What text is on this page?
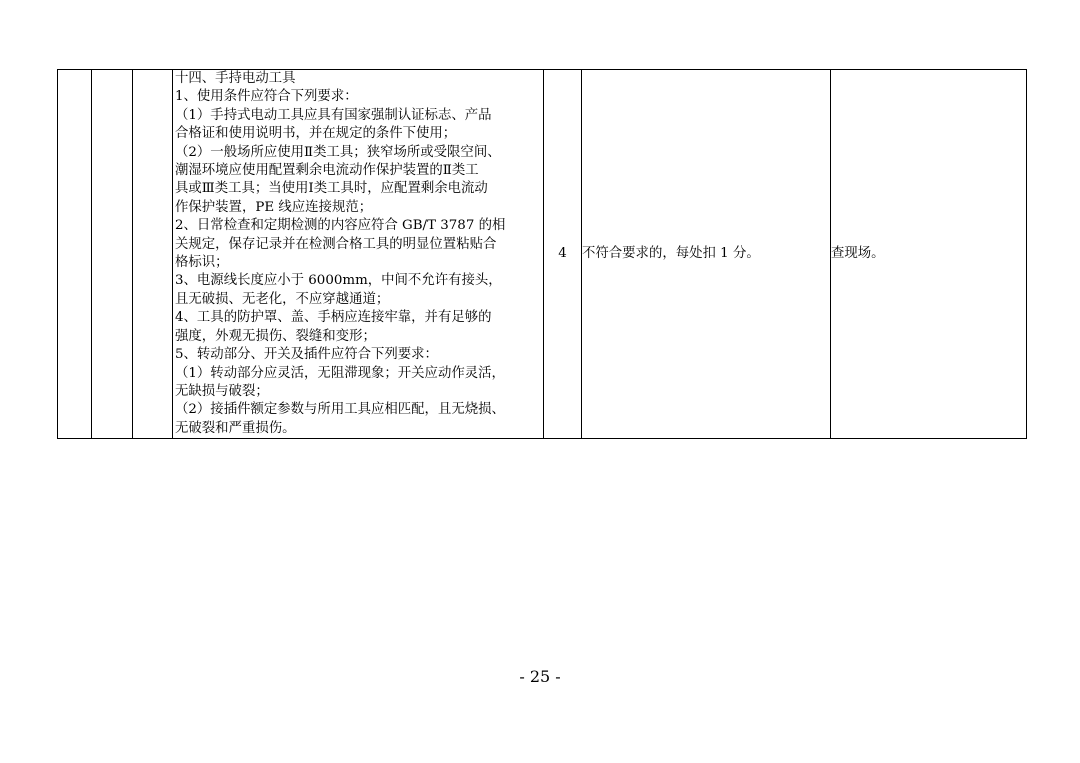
十四、手持电动工具
1、使用条件应符合下列要求：
（1）手持式电动工具应具有国家强制认证标志、产品
合格证和使用说明书，并在规定的条件下使用；
（2）一般场所应使用Ⅱ类工具；狭窄场所或受限空间、
潮湿环境应使用配置剩余电流动作保护装置的Ⅱ类工
具或Ⅲ类工具；当使用Ⅰ类工具时，应配置剩余电流动
作保护装置，PE 线应连接规范；
2、日常检查和定期检测的内容应符合 GB/T 3787 的相
关规定，保存记录并在检测合格工具的明显位置粘贴合
格标识；
3、电源线长度应小于 6000mm，中间不允许有接头，
且无破损、无老化，不应穿越通道；
4、工具的防护罩、盖、手柄应连接牢靠，并有足够的
强度，外观无损伤、裂缝和变形；
5、转动部分、开关及插件应符合下列要求：
（1）转动部分应灵活，无阻滞现象；开关应动作灵活，
无缺损与破裂；
（2）接插件额定参数与所用工具应相匹配，且无烧损、
无破裂和严重损伤。
	4	不符合要求的，每处扣 1 分。	查现场。
- 25 -
